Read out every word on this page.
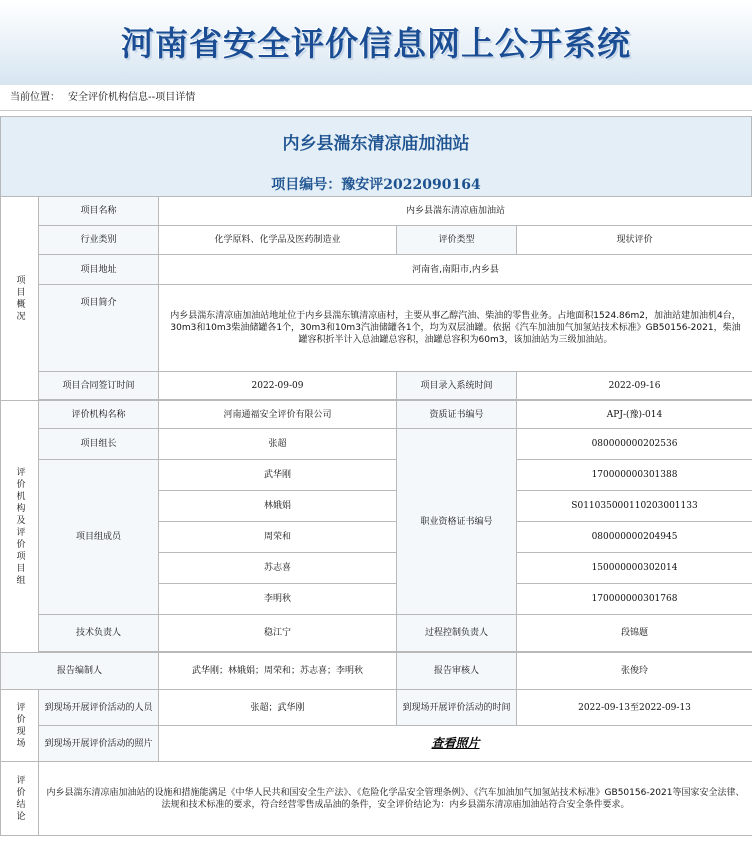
河南省安全评价信息网上公开系统
当前位置： 安全评价机构信息--项目详情
内乡县湍东清凉庙加油站
项目编号：豫安评2022090164
项目概况	项目名称	内乡县湍东清凉庙加油站		
	行业类别	化学原料、化学品及医药制造业	评价类型	现状评价
	项目地址	河南省,南阳市,内乡县		
	项目简介	内乡县湍东清凉庙加油站地址位于内乡县湍东镇清凉庙村，主要从事乙醇汽油、柴油的零售业务。占地面积1524.86m2，加油站建加油机4台，30m3和10m3柴油储罐各1个，30m3和10m3汽油储罐各1个，均为双层油罐。依据《汽车加油加气加氢站技术标准》GB50156-2021，柴油罐容积折半计入总油罐总容积，油罐总容积为60m3，该加油站为三级加油站。		
	项目合同签订时间	2022-09-09	项目录入系统时间	2022-09-16

评价机构及评价项目组	评价机构名称	河南通福安全评价有限公司	资质证书编号	APJ-(豫)-014
	项目组长	张超	职业资格证书编号	080000000202536
	项目组成员	武华刚		170000000301388
		林娥娟		S011035000110203001133
		周荣和		080000000204945
		苏志喜		150000000302014
		李明秋		170000000301768
	技术负责人	稳江宁	过程控制负责人	段锦题

报告编制人		武华刚；林娥娟；周荣和；苏志喜；李明秋	报告审核人	张俊玲
评价现场	到现场开展评价活动的人员	张超；武华刚	到现场开展评价活动的时间	2022-09-13至2022-09-13
	到现场开展评价活动的照片	查看照片		
评价结论	内乡县湍东清凉庙加油站的设施和措施能满足《中华人民共和国安全生产法》、《危险化学品安全管理条例》、《汽车加油加气加氢站技术标准》GB50156-2021等国家安全法律、法规和技术标准的要求，符合经营零售成品油的条件，安全评价结论为：内乡县湍东清凉庙加油站符合安全条件要求。			
